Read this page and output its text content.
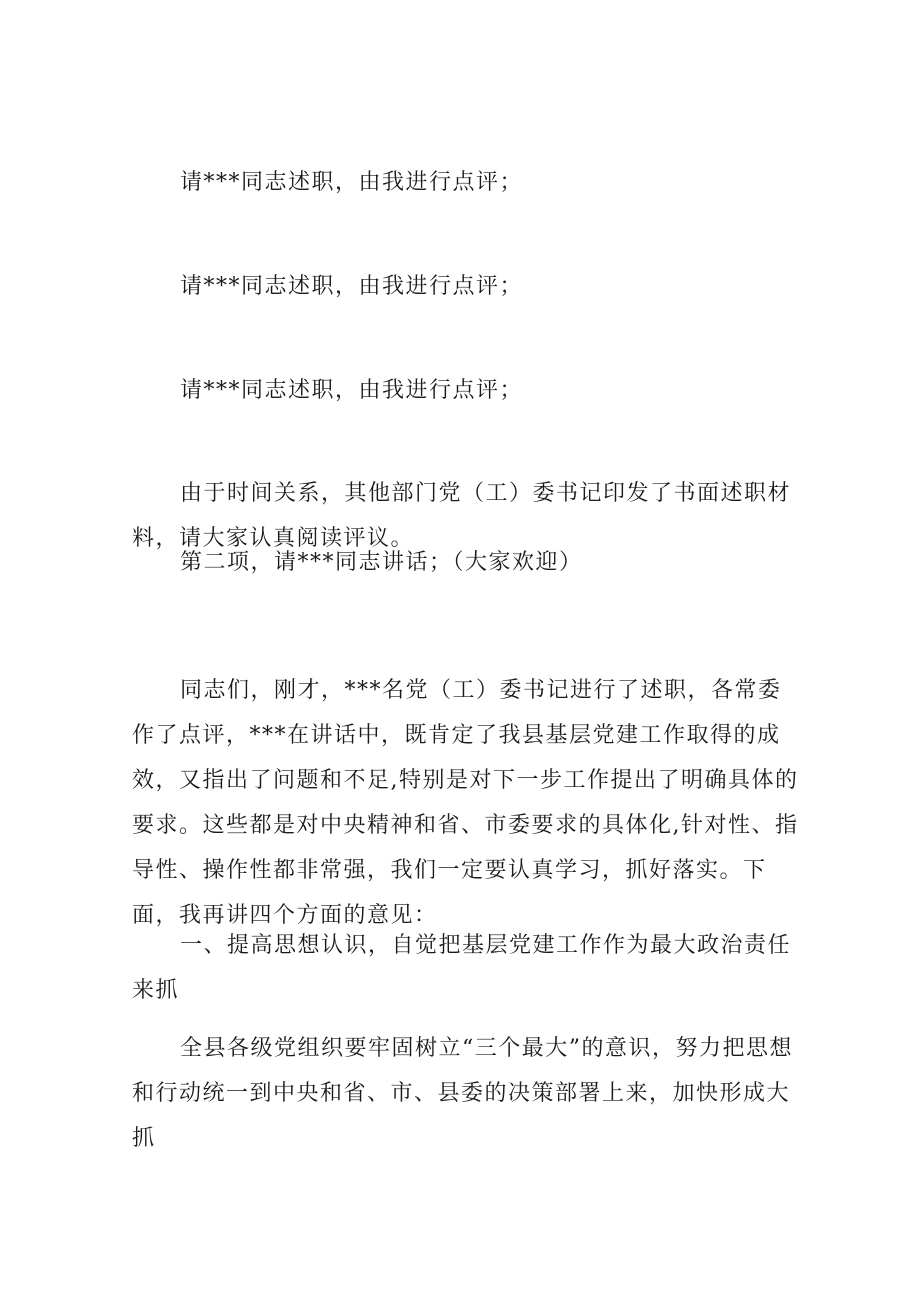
请***同志述职，由我进行点评；

请***同志述职，由我进行点评；

请***同志述职，由我进行点评；

由于时间关系，其他部门党（工）委书记印发了书面述职材料，请大家认真阅读评议。

第二项，请***同志讲话；（大家欢迎）

同志们，刚才，***名党（工）委书记进行了述职，各常委作了点评，***在讲话中，既肯定了我县基层党建工作取得的成效，又指出了问题和不足,特别是对下一步工作提出了明确具体的要求。这些都是对中央精神和省、市委要求的具体化,针对性、指导性、操作性都非常强，我们一定要认真学习，抓好落实。下面，我再讲四个方面的意见：

一、提高思想认识，自觉把基层党建工作作为最大政治责任来抓

全县各级党组织要牢固树立“三个最大”的意识，努力把思想和行动统一到中央和省、市、县委的决策部署上来，加快形成大抓
